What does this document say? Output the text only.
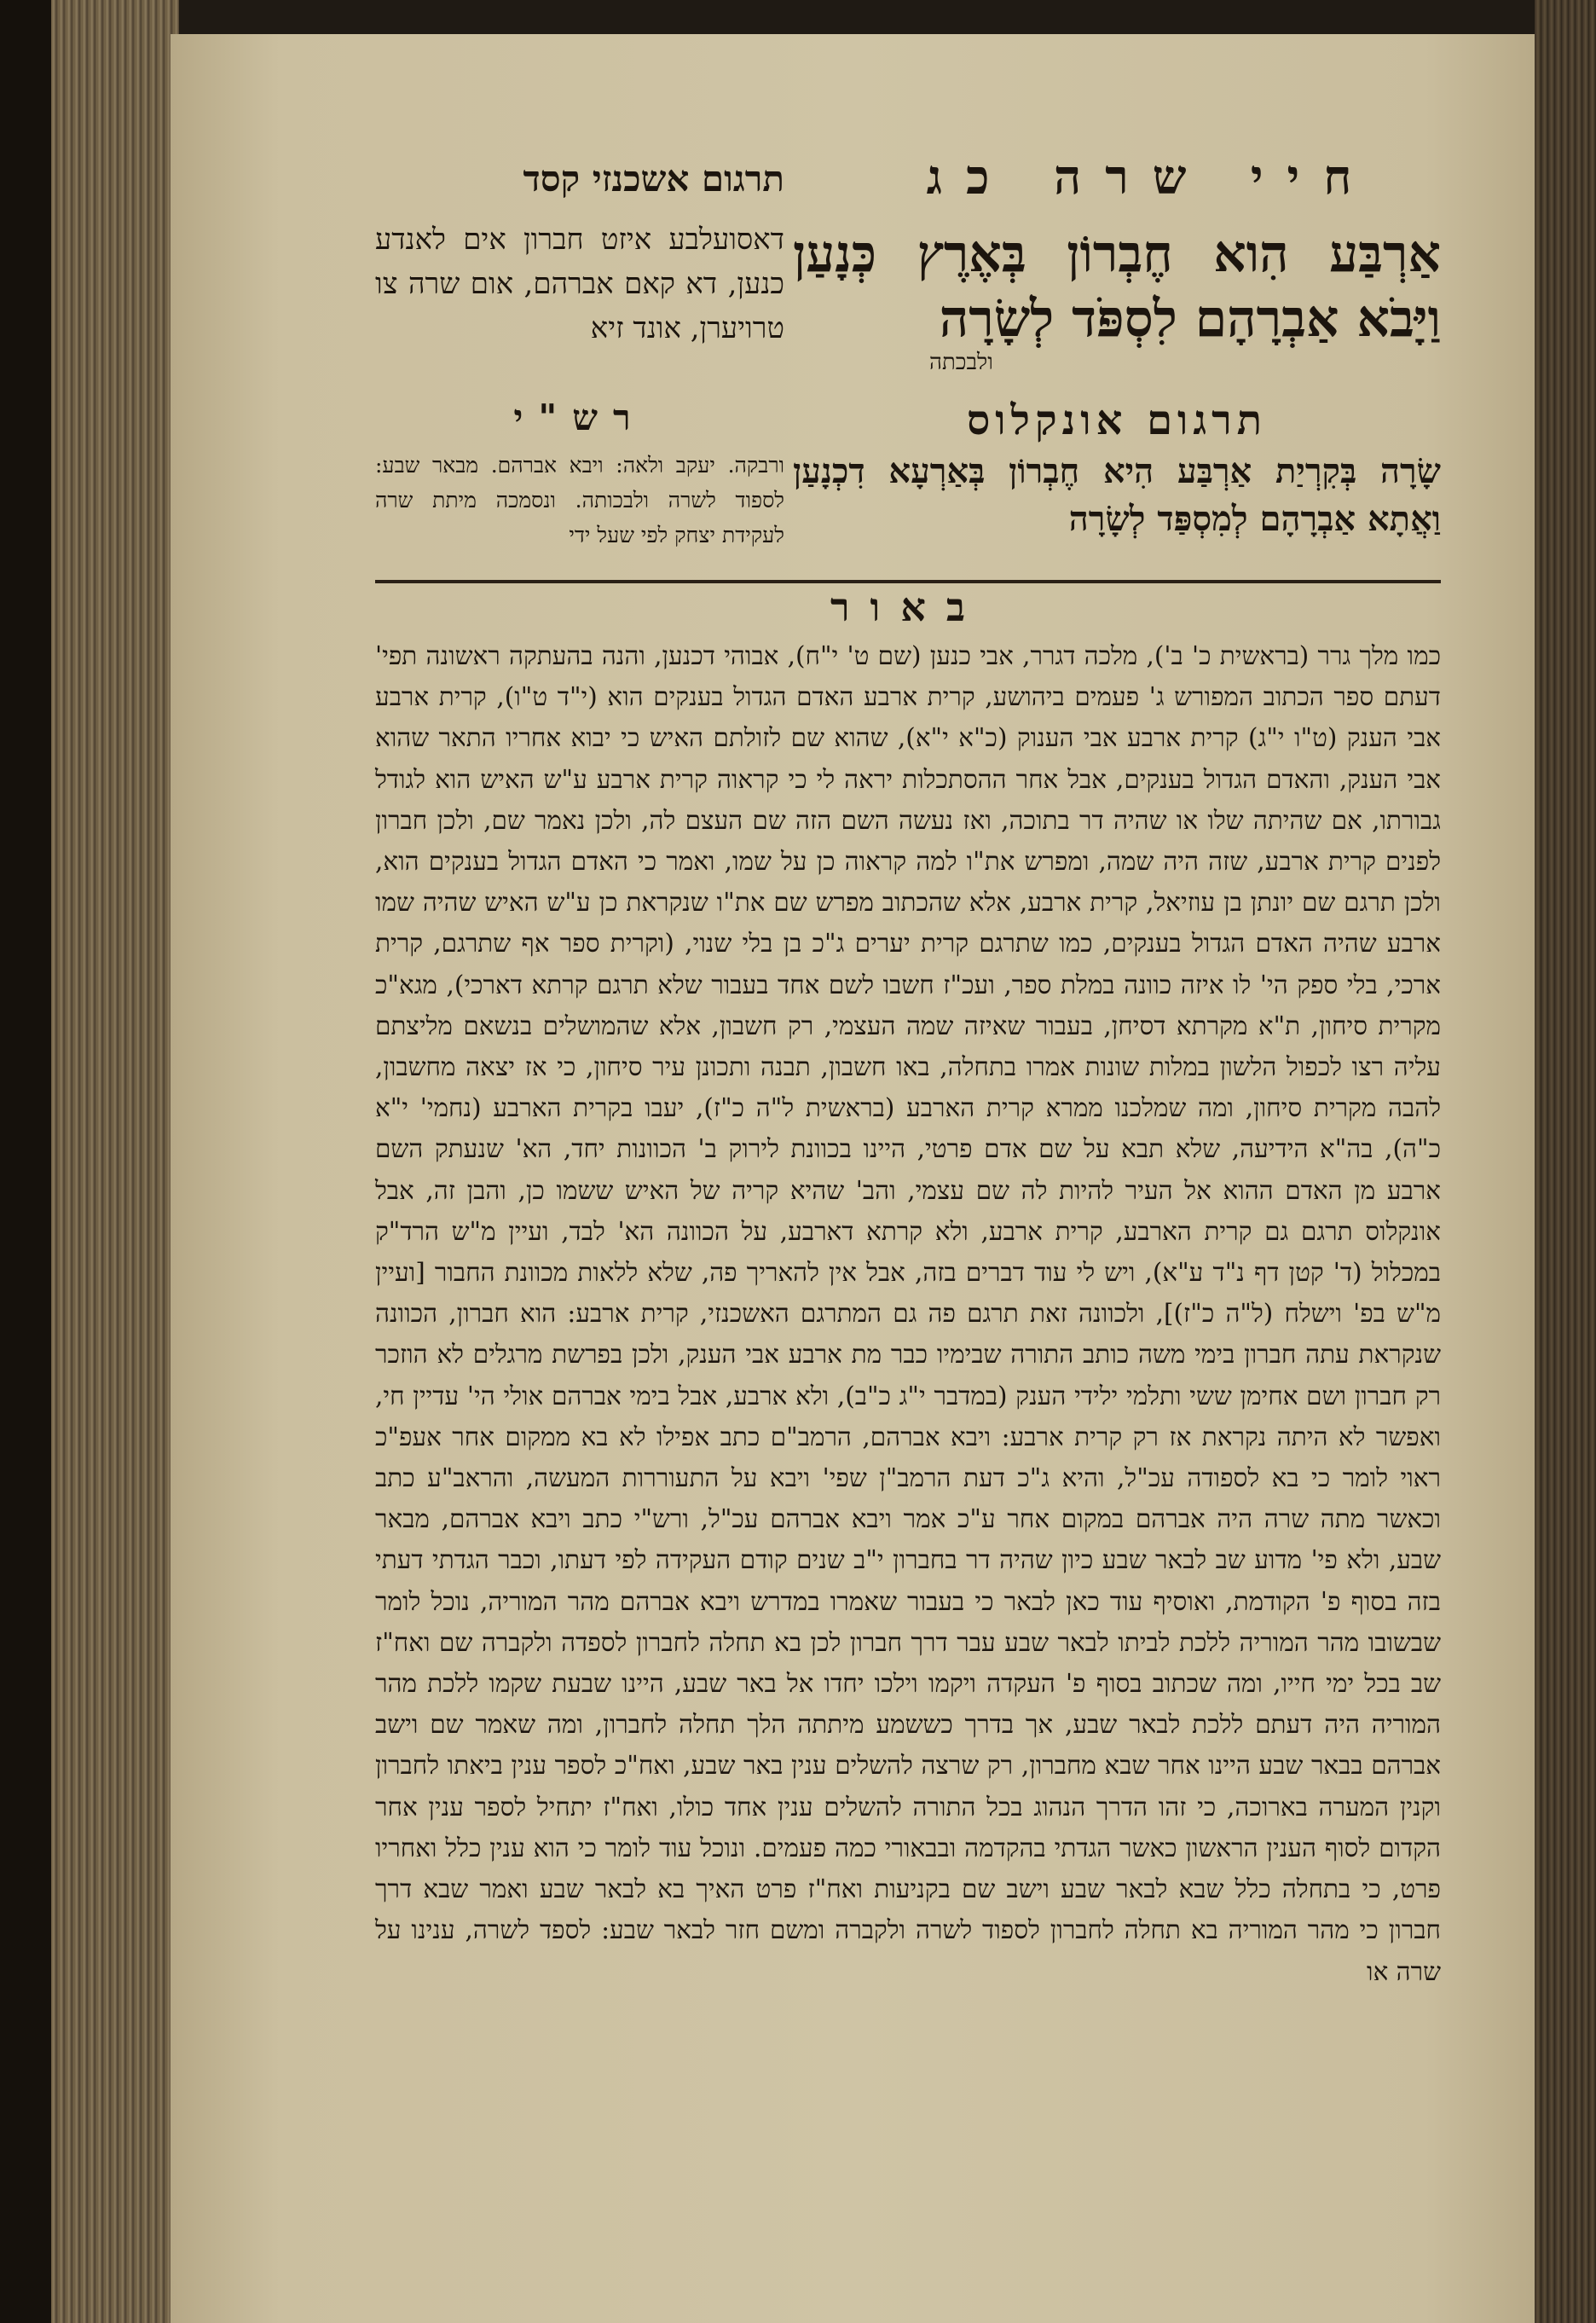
חיי שרה כג
תרגום אשכנזי קסד
אַרְבַּע הִוא חֶבְרוֹן בְּאֶרֶץ כְּנָעַן וַיָּבֹא אַבְרָהָם לִסְפֹּד לְשָׂרָה
ולבכתה
תרגום אונקלוס
שָׂרָה בְּקִרְיַת אַרְבַּע הִיא חֶבְרוֹן בְּאַרְעָא דִכְנָעַן וַאֲתָא אַבְרָהָם לְמִסְפַּד לְשָׂרָה
דאסועלבע איזט חברון אים לאנדע כנען, דא קאם אברהם, אום שרה צו טרויערן, אונד זיא
רש"י
ורבקה. יעקב ולאה: ויבא אברהם. מבאר שבע: לספוד לשרה ולבכותה. ונסמכה מיתת שרה לעקידת יצחק לפי שעל ידי
באור
כמו מלך גרר (בראשית כ' ב'), מלכה דגרר, אבי כנען (שם ט' י"ח), אבוהי דכנען, והנה בהעתקה ראשונה תפי' דעתם ספר הכתוב המפורש ג' פעמים ביהושע, קרית ארבע האדם הגדול בענקים הוא (י"ד ט"ו), קרית ארבע אבי הענק (ט"ו י"ג) קרית ארבע אבי הענוק (כ"א י"א), שהוא שם לזולתם האיש כי יבוא אחריו התאר שהוא אבי הענק, והאדם הגדול בענקים, אבל אחר ההסתכלות יראה לי כי קראוה קרית ארבע ע"ש האיש הוא לגודל גבורתו, אם שהיתה שלו או שהיה דר בתוכה, ואז נעשה השם הזה שם העצם לה, ולכן נאמר שם, ולכן חברון לפנים קרית ארבע, שזה היה שמה, ומפרש את"ו למה קראוה כן על שמו, ואמר כי האדם הגדול בענקים הוא, ולכן תרגם שם יונתן בן עוזיאל, קרית ארבע, אלא שהכתוב מפרש שם את"ו שנקראת כן ע"ש האיש שהיה שמו ארבע שהיה האדם הגדול בענקים, כמו שתרגם קרית יערים ג"כ בן בלי שנוי, (וקרית ספר אף שתרגם, קרית ארכי, בלי ספק הי' לו איזה כוונה במלת ספר, ועכ"ז חשבו לשם אחד בעבור שלא תרגם קרתא דארכי), מגא"כ מקרית סיחון, ת"א מקרתא דסיחן, בעבור שאיזה שמה העצמי, רק חשבון, אלא שהמושלים בנשאם מליצתם עליה רצו לכפול הלשון במלות שונות אמרו בתחלה, באו חשבון, תבנה ותכונן עיר סיחון, כי אז יצאה מחשבון, להבה מקרית סיחון, ומה שמלכנו ממרא קרית הארבע (בראשית ל"ה כ"ז), יעבו בקרית הארבע (נחמי' י"א כ"ה), בה"א הידיעה, שלא תבא על שם אדם פרטי, היינו בכוונת לירוק ב' הכוונות יחד, הא' שנעתק השם ארבע מן האדם ההוא אל העיר להיות לה שם עצמי, והב' שהיא קריה של האיש ששמו כן, והבן זה, אבל אונקלוס תרגם גם קרית הארבע, קרית ארבע, ולא קרתא דארבע, על הכוונה הא' לבד, ועיין מ"ש הרד"ק במכלול (ד' קטן דף נ"ד ע"א), ויש לי עוד דברים בזה, אבל אין להאריך פה, שלא ללאות מכוונת החבור [ועיין מ"ש בפ' וישלח (ל"ה כ"ז)], ולכוונה זאת תרגם פה גם המתרגם האשכנזי, קרית ארבע: הוא חברון, הכוונה שנקראת עתה חברון בימי משה כותב התורה שבימיו כבר מת ארבע אבי הענק, ולכן בפרשת מרגלים לא הוזכר רק חברון ושם אחימן ששי ותלמי ילידי הענק (במדבר י"ג כ"ב), ולא ארבע, אבל בימי אברהם אולי הי' עדיין חי, ואפשר לא היתה נקראת אז רק קרית ארבע: ויבא אברהם, הרמב"ם כתב אפילו לא בא ממקום אחר אעפ"כ ראוי לומר כי בא לספודה עכ"ל, והיא ג"כ דעת הרמב"ן שפי' ויבא על התעוררות המעשה, והראב"ע כתב וכאשר מתה שרה היה אברהם במקום אחר ע"כ אמר ויבא אברהם עכ"ל, ורש"י כתב ויבא אברהם, מבאר שבע, ולא פי' מדוע שב לבאר שבע כיון שהיה דר בחברון י"ב שנים קודם העקידה לפי דעתו, וכבר הגדתי דעתי בזה בסוף פ' הקודמת, ואוסיף עוד כאן לבאר כי בעבור שאמרו במדרש ויבא אברהם מהר המוריה, נוכל לומר שבשובו מהר המוריה ללכת לביתו לבאר שבע עבר דרך חברון לכן בא תחלה לחברון לספדה ולקברה שם ואח"ז שב בכל ימי חייו, ומה שכתוב בסוף פ' העקדה ויקמו וילכו יחדו אל באר שבע, היינו שבעת שקמו ללכת מהר המוריה היה דעתם ללכת לבאר שבע, אך בדרך כששמע מיתתה הלך תחלה לחברון, ומה שאמר שם וישב אברהם בבאר שבע היינו אחר שבא מחברון, רק שרצה להשלים ענין באר שבע, ואח"כ לספר ענין ביאתו לחברון וקנין המערה בארוכה, כי זהו הדרך הנהוג בכל התורה להשלים ענין אחד כולו, ואח"ז יתחיל לספר ענין אחר הקדום לסוף הענין הראשון כאשר הגדתי בהקדמה ובבאורי כמה פעמים. ונוכל עוד לומר כי הוא ענין כלל ואחריו פרט, כי בתחלה כלל שבא לבאר שבע וישב שם בקניעות ואח"ז פרט האיך בא לבאר שבע ואמר שבא דרך חברון כי מהר המוריה בא תחלה לחברון לספוד לשרה ולקברה ומשם חזר לבאר שבע: לספד לשרה, ענינו על שרה או
